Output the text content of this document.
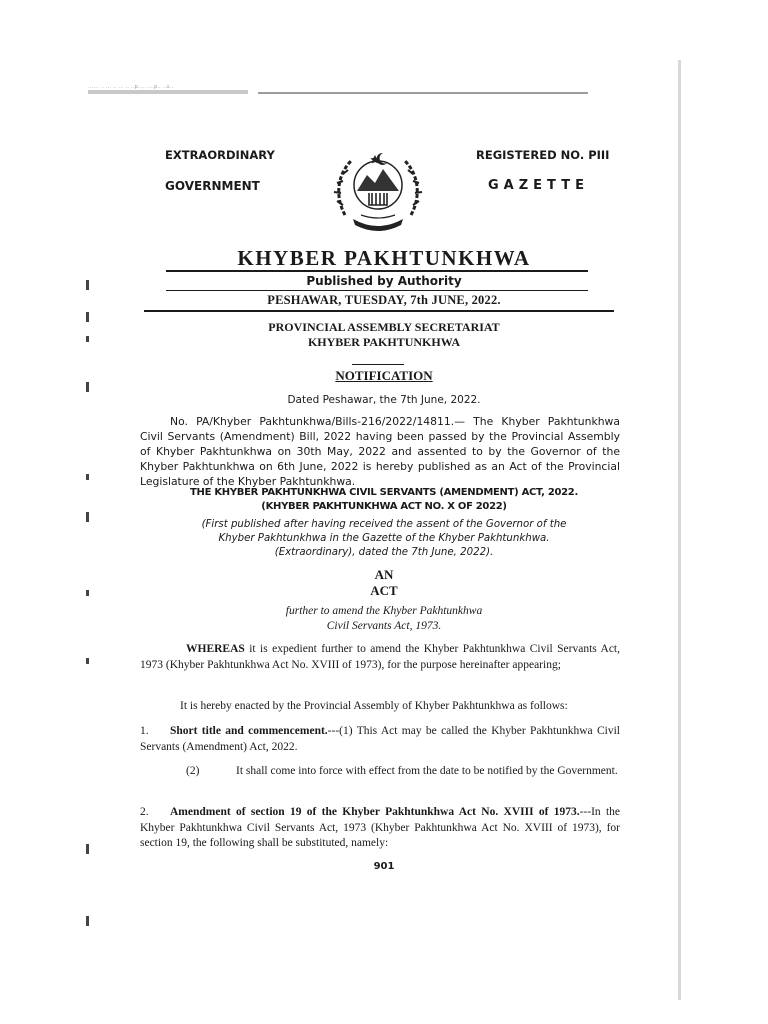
...... .. ... .. ... .. ..p..., ....p.. ..u..
EXTRAORDINARY
GOVERNMENT
REGISTERED NO. PIII
GAZETTE
KHYBER PAKHTUNKHWA
Published by Authority
PESHAWAR, TUESDAY, 7th JUNE, 2022.
PROVINCIAL ASSEMBLY SECRETARIAT
KHYBER PAKHTUNKHWA
NOTIFICATION
Dated Peshawar, the 7th June, 2022.
No. PA/Khyber Pakhtunkhwa/Bills-216/2022/14811.— The Khyber Pakhtunkhwa Civil Servants (Amendment) Bill, 2022 having been passed by the Provincial Assembly of Khyber Pakhtunkhwa on 30th May, 2022 and assented to by the Governor of the Khyber Pakhtunkhwa on 6th June, 2022 is hereby published as an Act of the Provincial Legislature of the Khyber Pakhtunkhwa.
THE KHYBER PAKHTUNKHWA CIVIL SERVANTS (AMENDMENT) ACT, 2022.
(KHYBER PAKHTUNKHWA ACT NO. X OF 2022)
(First published after having received the assent of the Governor of the
Khyber Pakhtunkhwa in the Gazette of the Khyber Pakhtunkhwa.
(Extraordinary), dated the 7th June, 2022).
AN
ACT
further to amend the Khyber Pakhtunkhwa
Civil Servants Act, 1973.
WHEREAS it is expedient further to amend the Khyber Pakhtunkhwa Civil Servants Act, 1973 (Khyber Pakhtunkhwa Act No. XVIII of 1973), for the purpose hereinafter appearing;
It is hereby enacted by the Provincial Assembly of Khyber Pakhtunkhwa as follows:
1. Short title and commencement.---(1) This Act may be called the Khyber Pakhtunkhwa Civil Servants (Amendment) Act, 2022.
(2)	It shall come into force with effect from the date to be notified by the Government.
2. Amendment of section 19 of the Khyber Pakhtunkhwa Act No. XVIII of 1973.---In the Khyber Pakhtunkhwa Civil Servants Act, 1973 (Khyber Pakhtunkhwa Act No. XVIII of 1973), for section 19, the following shall be substituted, namely:
901
